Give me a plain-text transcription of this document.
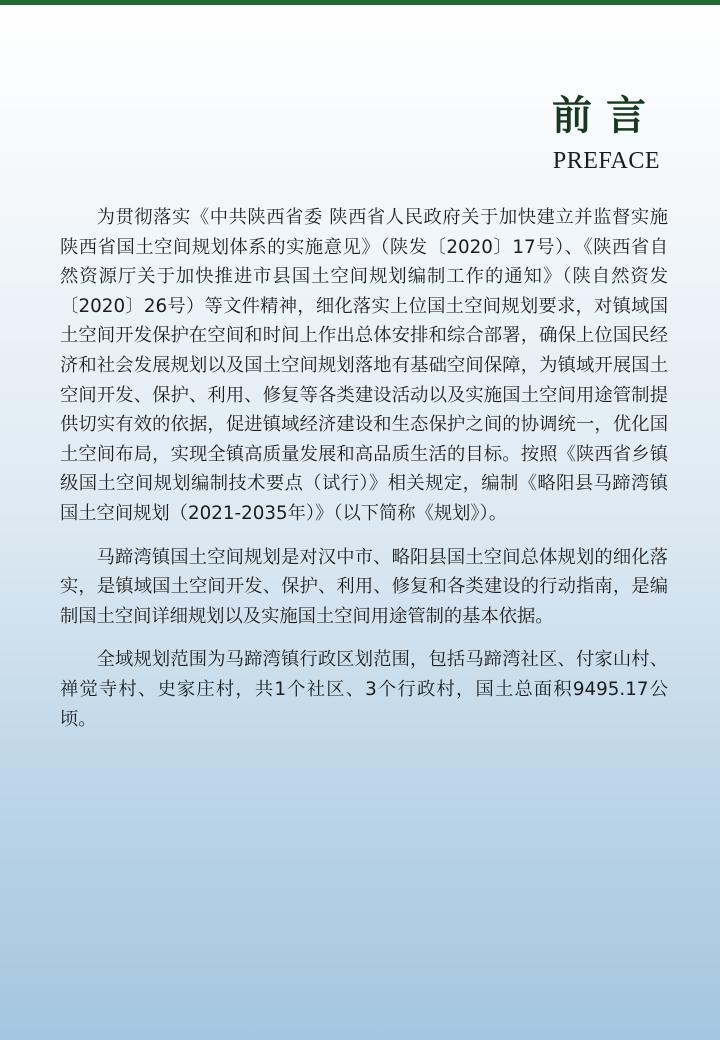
前言
PREFACE

为贯彻落实《中共陕西省委 陕西省人民政府关于加快建立并监督实施陕西省国土空间规划体系的实施意见》（陕发〔2020〕17号）、《陕西省自然资源厅关于加快推进市县国土空间规划编制工作的通知》（陕自然资发〔2020〕26号）等文件精神，细化落实上位国土空间规划要求，对镇域国土空间开发保护在空间和时间上作出总体安排和综合部署，确保上位国民经济和社会发展规划以及国土空间规划落地有基础空间保障，为镇域开展国土空间开发、保护、利用、修复等各类建设活动以及实施国土空间用途管制提供切实有效的依据，促进镇域经济建设和生态保护之间的协调统一，优化国土空间布局，实现全镇高质量发展和高品质生活的目标。按照《陕西省乡镇级国土空间规划编制技术要点（试行）》相关规定，编制《略阳县马蹄湾镇国土空间规划（2021-2035年）》（以下简称《规划》）。

马蹄湾镇国土空间规划是对汉中市、略阳县国土空间总体规划的细化落实，是镇域国土空间开发、保护、利用、修复和各类建设的行动指南，是编制国土空间详细规划以及实施国土空间用途管制的基本依据。

全域规划范围为马蹄湾镇行政区划范围，包括马蹄湾社区、付家山村、禅觉寺村、史家庄村，共1个社区、3个行政村，国土总面积9495.17公顷。
